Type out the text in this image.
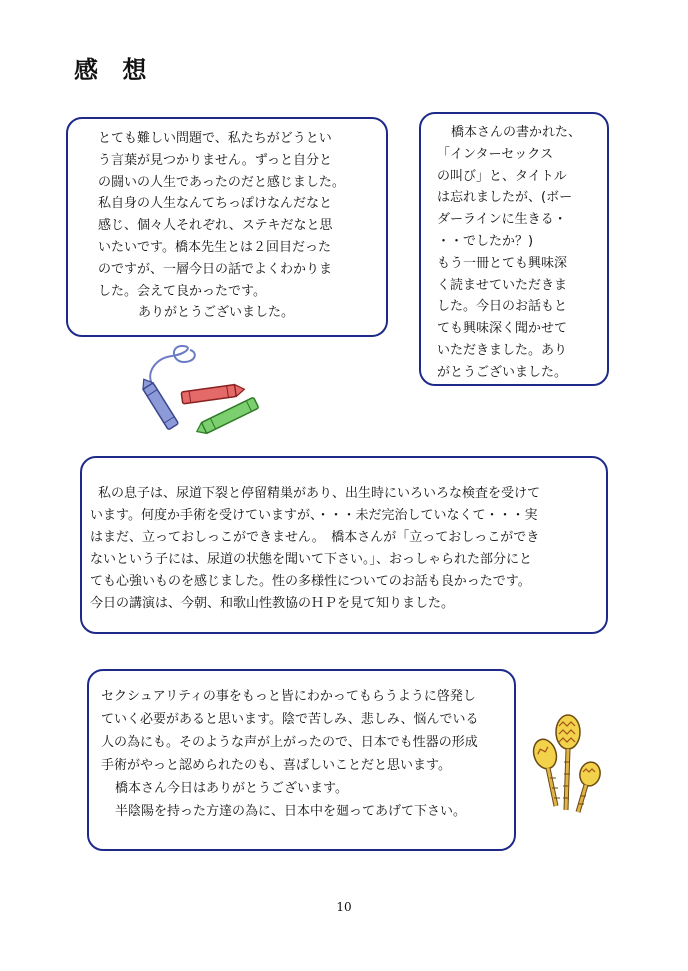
感 想
とても難しい問題で、私たちがどうとい
う言葉が見つかりません。ずっと自分と
の闘いの人生であったのだと感じました。
私自身の人生なんてちっぽけなんだなと
感じ、個々人それぞれ、ステキだなと思
いたいです。橋本先生とは２回目だった
のですが、一層今日の話でよくわかりま
した。会えて良かったです。
ありがとうございました。
橋本さんの書かれた、
「インターセックス
の叫び」と、タイトル
は忘れましたが、(ボー
ダーラインに生きる・
・・でしたか？)
もう一冊とても興味深
く読ませていただきま
した。今日のお話もと
ても興味深く聞かせて
いただきました。あり
がとうございました。
私の息子は、尿道下裂と停留精巣があり、出生時にいろいろな検査を受けて
います。何度か手術を受けていますが、・・・未だ完治していなくて・・・実
はまだ、立っておしっこができません。　橋本さんが「立っておしっこができ
ないという子には、尿道の状態を聞いて下さい。」、おっしゃられた部分にと
ても心強いものを感じました。性の多様性についてのお話も良かったです。
今日の講演は、今朝、和歌山性教協のＨＰを見て知りました。
セクシュアリティの事をもっと皆にわかってもらうように啓発し
ていく必要があると思います。陰で苦しみ、悲しみ、悩んでいる
人の為にも。そのような声が上がったので、日本でも性器の形成
手術がやっと認められたのも、喜ばしいことだと思います。
橋本さん今日はありがとうございます。
半陰陽を持った方達の為に、日本中を廻ってあげて下さい。
10
